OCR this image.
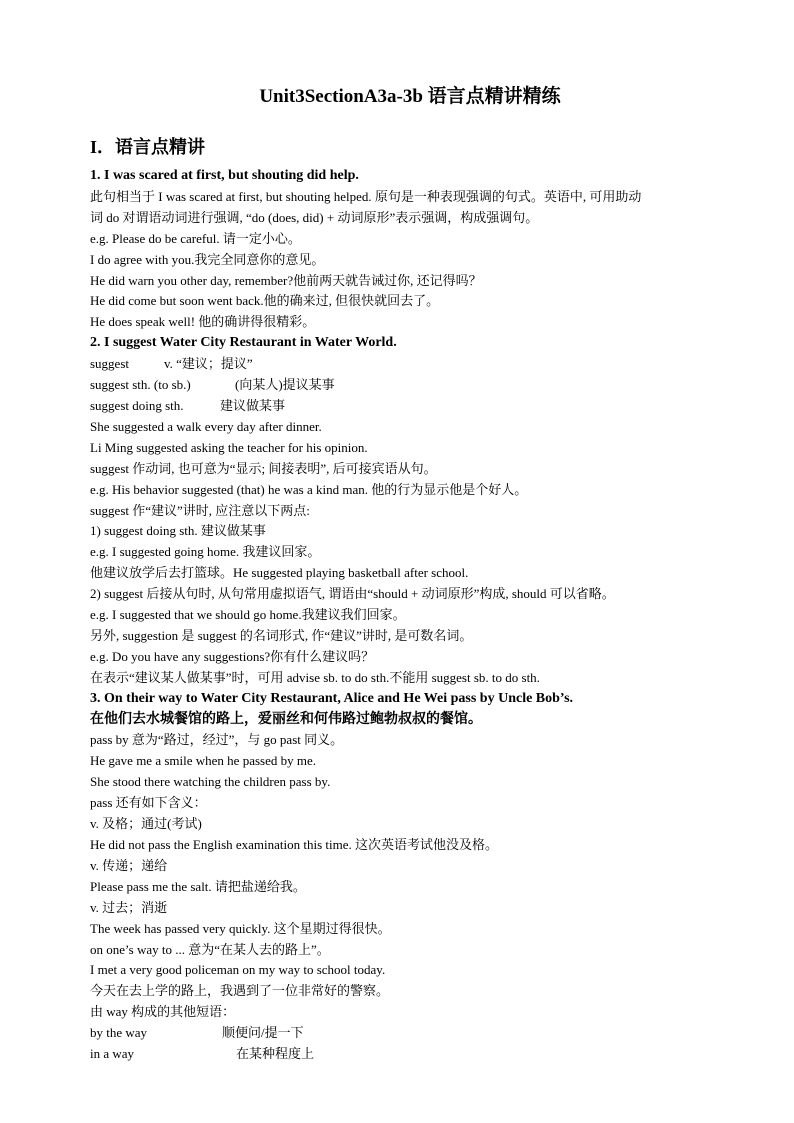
Unit3SectionA3a-3b 语言点精讲精练
I．语言点精讲
1. I was scared at first, but shouting did help.
此句相当于 I was scared at first, but shouting helped. 原句是一种表现强调的句式。英语中, 可用助动
词 do 对谓语动词进行强调, “do (does, did) + 动词原形”表示强调，构成强调句。
e.g. Please do be careful. 请一定小心。
I do agree with you.我完全同意你的意见。
He did warn you other day, remember?他前两天就告诫过你, 还记得吗？
He did come but soon went back.他的确来过, 但很快就回去了。
He does speak well! 他的确讲得很精彩。
2. I suggest Water City Restaurant in Water World.
suggest	v. “建议；提议”
suggest sth. (to sb.)	(向某人)提议某事
suggest doing sth.	建议做某事
She suggested a walk every day after dinner.
Li Ming suggested asking the teacher for his opinion.
suggest 作动词, 也可意为“显示; 间接表明”, 后可接宾语从句。
e.g. His behavior suggested (that) he was a kind man. 他的行为显示他是个好人。
suggest 作“建议”讲时, 应注意以下两点:
1) suggest doing sth. 建议做某事
e.g. I suggested going home. 我建议回家。
他建议放学后去打篮球。He suggested playing basketball after school.
2) suggest 后接从句时, 从句常用虚拟语气, 谓语由“should + 动词原形”构成, should 可以省略。
e.g. I suggested that we should go home.我建议我们回家。
另外, suggestion 是 suggest 的名词形式, 作“建议”讲时, 是可数名词。
e.g. Do you have any suggestions?你有什么建议吗？
在表示“建议某人做某事”时，可用 advise sb. to do sth.不能用 suggest sb. to do sth.
3. On their way to Water City Restaurant, Alice and He Wei pass by Uncle Bob’s.
在他们去水城餐馆的路上，爱丽丝和何伟路过鲍勃叔叔的餐馆。
pass by 意为“路过，经过”，与 go past 同义。
He gave me a smile when he passed by me.
She stood there watching the children pass by.
pass 还有如下含义：
v. 及格；通过(考试)
He did not pass the English examination this time. 这次英语考试他没及格。
v. 传递；递给
Please pass me the salt. 请把盐递给我。
v. 过去；消逝
The week has passed very quickly. 这个星期过得很快。
on one’s way to ... 意为“在某人去的路上”。
I met a very good policeman on my way to school today.
今天在去上学的路上，我遇到了一位非常好的警察。
由 way 构成的其他短语：
by the way	顺便问/提一下
in a way	在某种程度上
